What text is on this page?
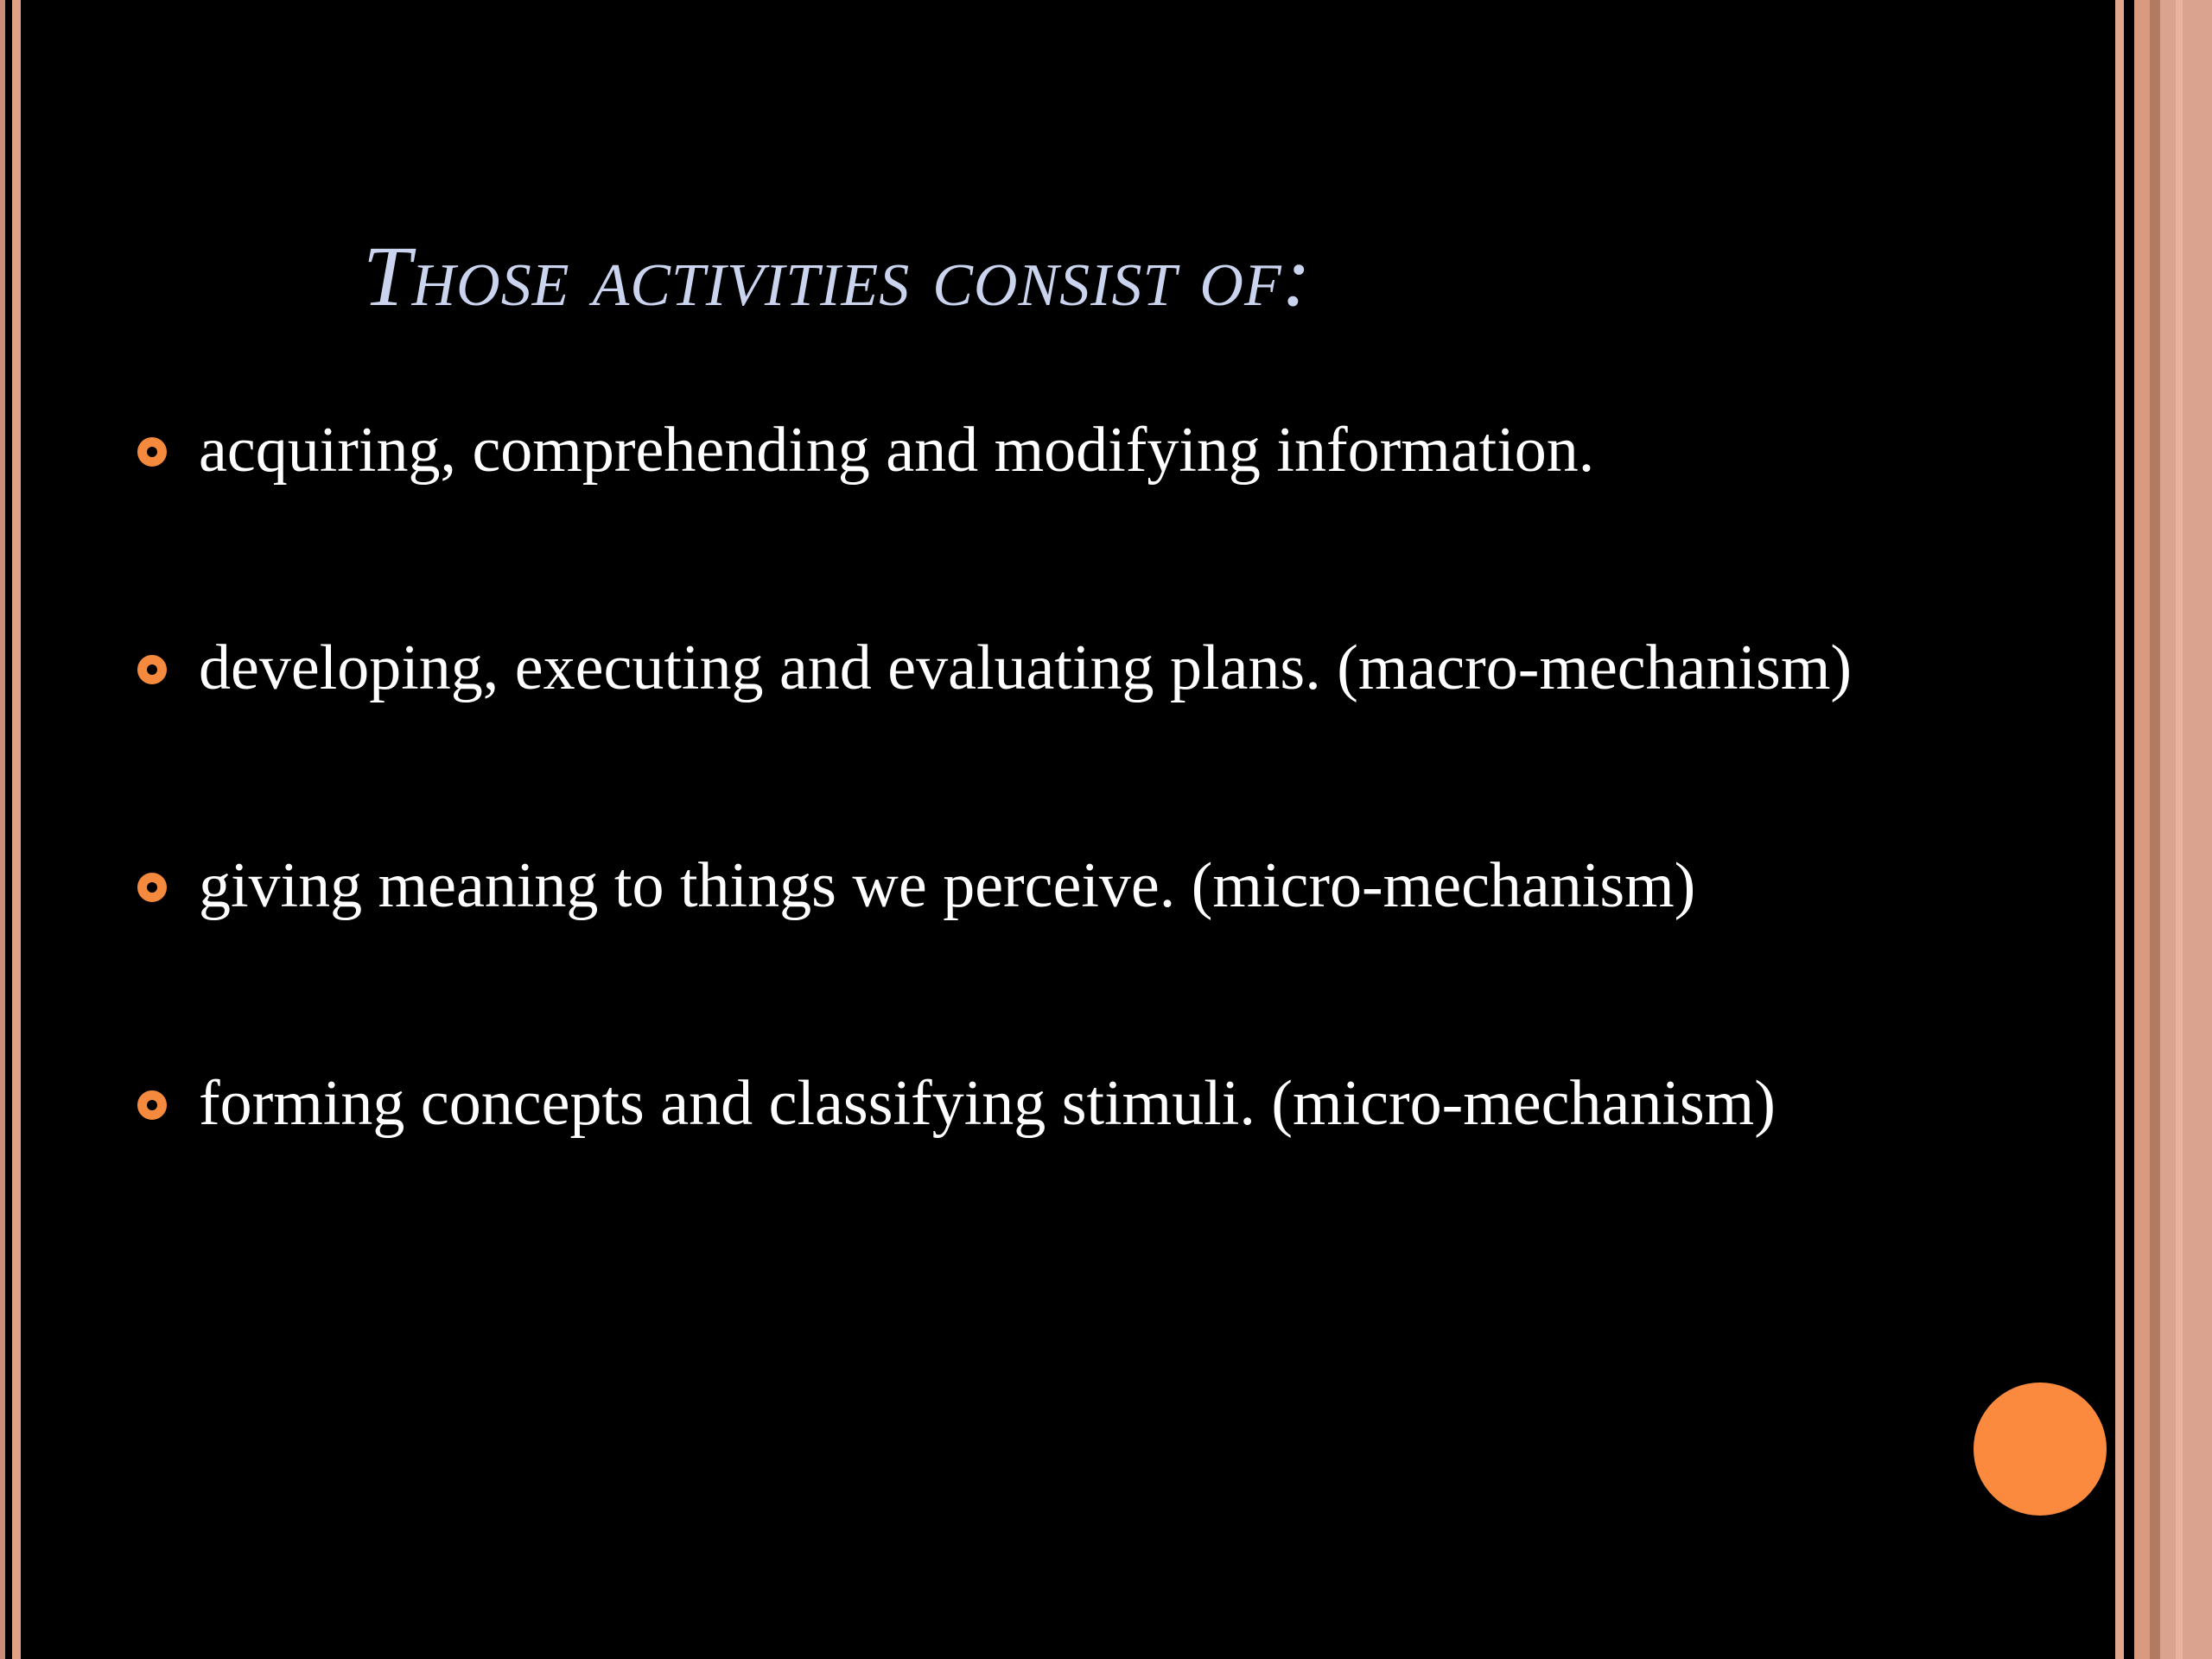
Those activities consist of:
acquiring, comprehending and modifying information.
developing, executing and evaluating plans. (macro-mechanism)
giving meaning to things we perceive. (micro-mechanism)
forming concepts and classifying stimuli. (micro-mechanism)
